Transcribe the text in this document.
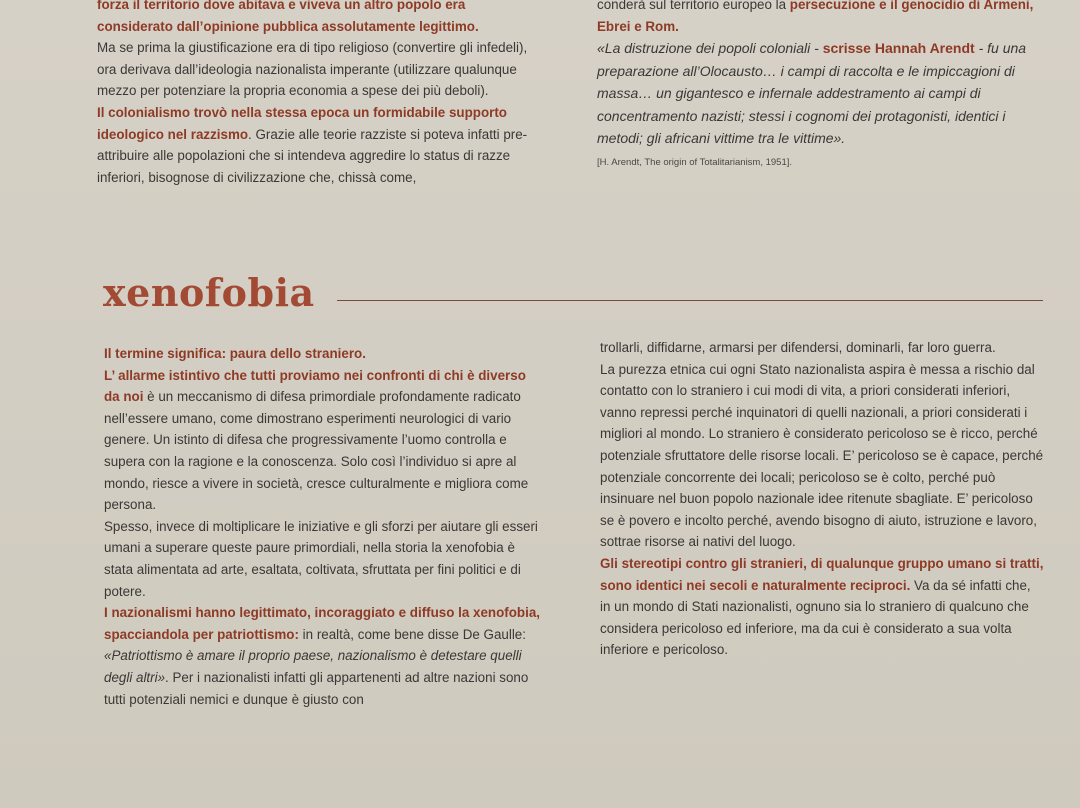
forza il territorio dove abitava e viveva un altro popolo era considerato dall’opinione pubblica assolutamente legittimo.

Ma se prima la giustificazione era di tipo religioso (convertire gli infedeli), ora derivava dall’ideologia nazionalista imperante (utilizzare qualunque mezzo per potenziare la propria economia a spese dei più deboli).

Il colonialismo trovò nella stessa epoca un formidabile supporto ideologico nel razzismo. Grazie alle teorie razziste si poteva infatti pre-attribuire alle popolazioni che si intendeva aggredire lo status di razze inferiori, bisognose di civilizzazione che, chissà come,

conderà sul territorio europeo la persecuzione e il genocidio di Armeni, Ebrei e Rom.

«La distruzione dei popoli coloniali - scrisse Hannah Arendt - fu una preparazione all’Olocausto… i campi di raccolta e le impiccagioni di massa… un gigantesco e infernale addestramento ai campi di concentramento nazisti; stessi i cognomi dei protagonisti, identici i metodi; gli africani vittime tra le vittime».

[H. Arendt, The origin of Totalitarianism, 1951].

xenofobia

Il termine significa: paura dello straniero.

L’ allarme istintivo che tutti proviamo nei confronti di chi è diverso da noi è un meccanismo di difesa primordiale profondamente radicato nell’essere umano, come dimostrano esperimenti neurologici di vario genere. Un istinto di difesa che progressivamente l’uomo controlla e supera con la ragione e la conoscenza. Solo così l’individuo si apre al mondo, riesce a vivere in società, cresce culturalmente e migliora come persona.

Spesso, invece di moltiplicare le iniziative e gli sforzi per aiutare gli esseri umani a superare queste paure primordiali, nella storia la xenofobia è stata alimentata ad arte, esaltata, coltivata, sfruttata per fini politici e di potere.

I nazionalismi hanno legittimato, incoraggiato e diffuso la xenofobia, spacciandola per patriottismo: in realtà, come bene disse De Gaulle: «Patriottismo è amare il proprio paese, nazionalismo è detestare quelli degli altri». Per i nazionalisti infatti gli appartenenti ad altre nazioni sono tutti potenziali nemici e dunque è giusto con

trollarli, diffidarne, armarsi per difendersi, dominarli, far loro guerra.

La purezza etnica cui ogni Stato nazionalista aspira è messa a rischio dal contatto con lo straniero i cui modi di vita, a priori considerati inferiori, vanno repressi perché inquinatori di quelli nazionali, a priori considerati i migliori al mondo. Lo straniero è considerato pericoloso se è ricco, perché potenziale sfruttatore delle risorse locali. E’ pericoloso se è capace, perché potenziale concorrente dei locali; pericoloso se è colto, perché può insinuare nel buon popolo nazionale idee ritenute sbagliate. E’ pericoloso se è povero e incolto perché, avendo bisogno di aiuto, istruzione e lavoro, sottrae risorse ai nativi del luogo.

Gli stereotipi contro gli stranieri, di qualunque gruppo umano si tratti, sono identici nei secoli e naturalmente reciproci. Va da sé infatti che, in un mondo di Stati nazionalisti, ognuno sia lo straniero di qualcuno che considera pericoloso ed inferiore, ma da cui è considerato a sua volta inferiore e pericoloso.
